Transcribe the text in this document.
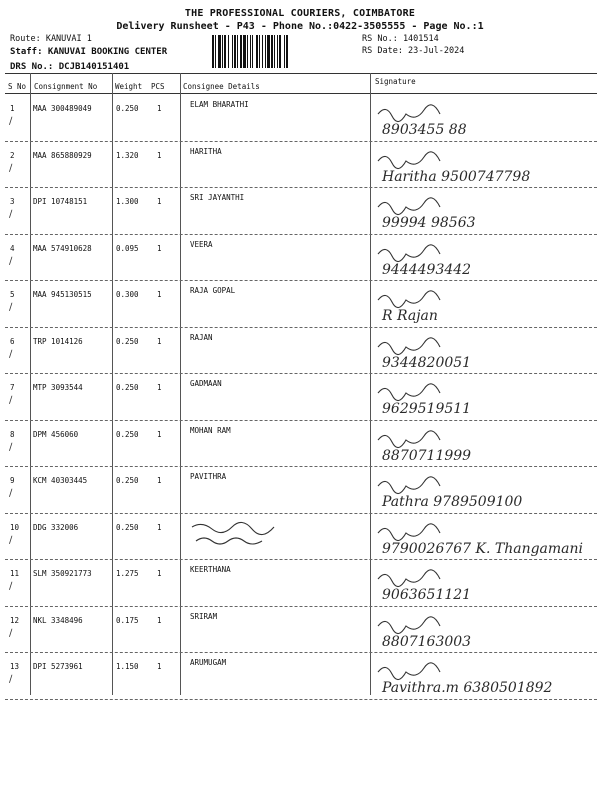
THE PROFESSIONAL COURIERS, COIMBATORE
Delivery Runsheet - P43 - Phone No.:0422-3505555 - Page No.:1
Route: KANUVAI 1
Staff: KANUVAI BOOKING CENTER
DRS No.: DCJB140151401
RS No.: 1401514
RS Date: 23-Jul-2024
S No Consignment No Weight PCS Consignee Details
Signature
1 MAA 300489049	0.250 1	ELAM BHARATHI
∕
8903455 88
2 MAA 865880929	1.320 1	HARITHA
∕
Haritha 9500747798
3 DPI 10748151	1.300 1	SRI JAYANTHI
∕
99994 98563
4 MAA 574910628	0.095 1	VEERA
∕
9444493442
5 MAA 945130515	0.300 1	RAJA GOPAL
∕
R Rajan
6 TRP 1014126	0.250 1	RAJAN
∕
9344820051
7 MTP 3093544	0.250 1	GADMAAN
∕
9629519511
8 DPM 456060	0.250 1	MOHAN RAM
∕
8870711999
9 KCM 40303445	0.250 1	PAVITHRA
∕
Pathra 9789509100
10 DDG 332006	0.250 1
∕
9790026767 K. Thangamani
11 SLM 350921773	1.275 1	KEERTHANA
∕
9063651121
12 NKL 3348496	0.175 1	SRIRAM
∕
8807163003
13 DPI 5273961	1.150 1	ARUMUGAM
∕
Pavithra.m 6380501892
